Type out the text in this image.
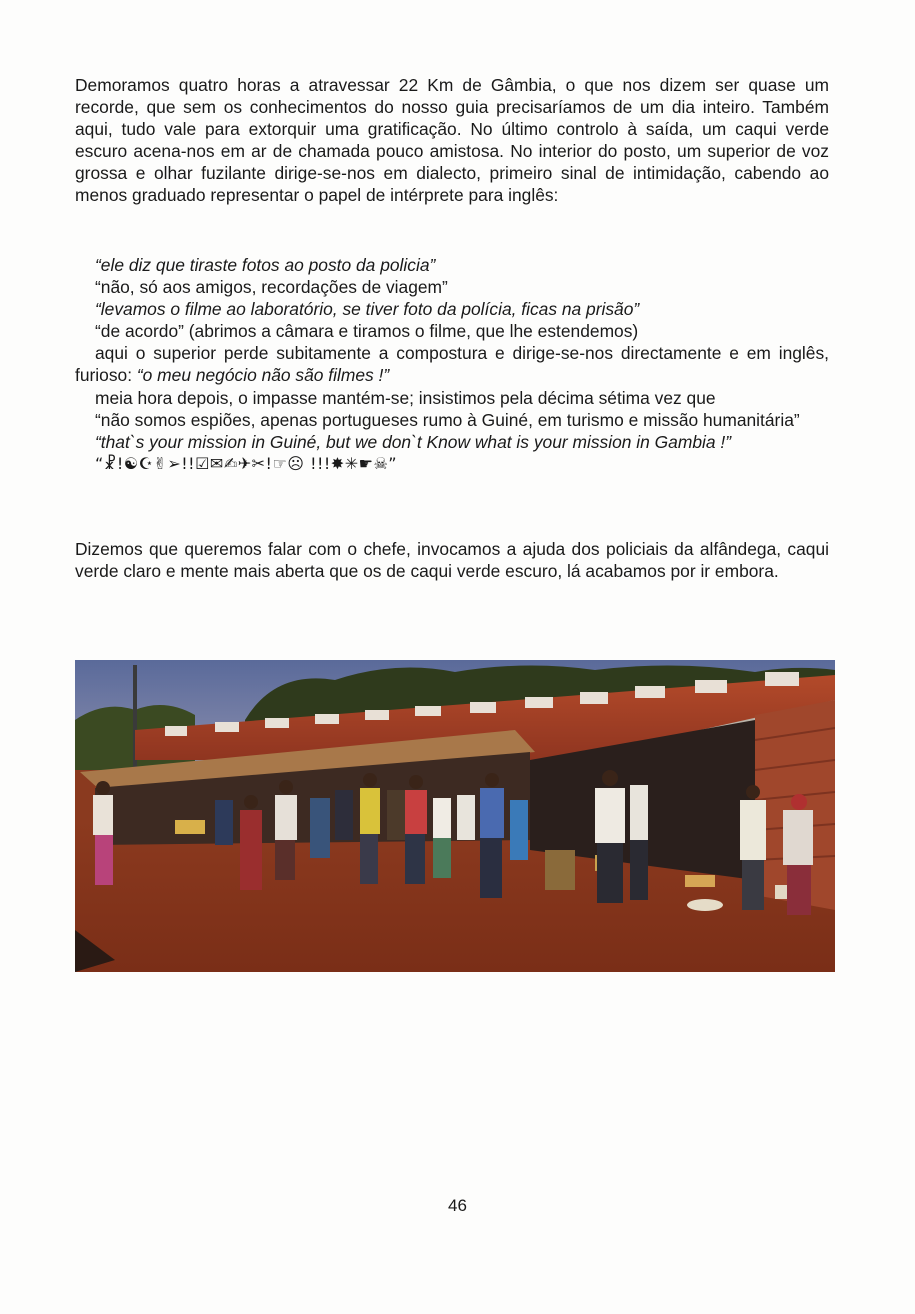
Demoramos quatro horas a atravessar 22 Km de Gâmbia, o que nos dizem ser quase um recorde, que sem os conhecimentos do nosso guia precisaríamos de um dia inteiro. Também aqui, tudo vale para extorquir uma gratificação. No último controlo à saída, um caqui verde escuro acena-nos em ar de chamada pouco amistosa. No interior do posto, um superior de voz grossa e olhar fuzilante dirige-se-nos em dialecto, primeiro sinal de intimidação, cabendo ao menos graduado representar o papel de intérprete para inglês:

“ele diz que tiraste fotos ao posto da policia”

“não, só aos amigos, recordações de viagem”

“levamos o filme ao laboratório, se tiver foto da polícia, ficas na prisão”

“de acordo” (abrimos a câmara e tiramos o filme, que lhe estendemos)

aqui o superior perde subitamente a compostura e dirige-se-nos directamente e em inglês, furioso: “o meu negócio não são filmes !”

meia hora depois, o impasse mantém-se; insistimos pela décima sétima vez que

“não somos espiões, apenas portugueses rumo à Guiné, em turismo e missão humanitária”

“that`s your mission in Guiné, but we don`t Know what is your mission in Gambia !”

“☧!☯☪✌➢!!☑✉✍✈✂!☞☹ !!!✸✳☛☠”

Dizemos que queremos falar com o chefe, invocamos a ajuda dos policiais da alfândega, caqui verde claro e mente mais aberta que os de caqui verde escuro, lá acabamos por ir embora.

46
